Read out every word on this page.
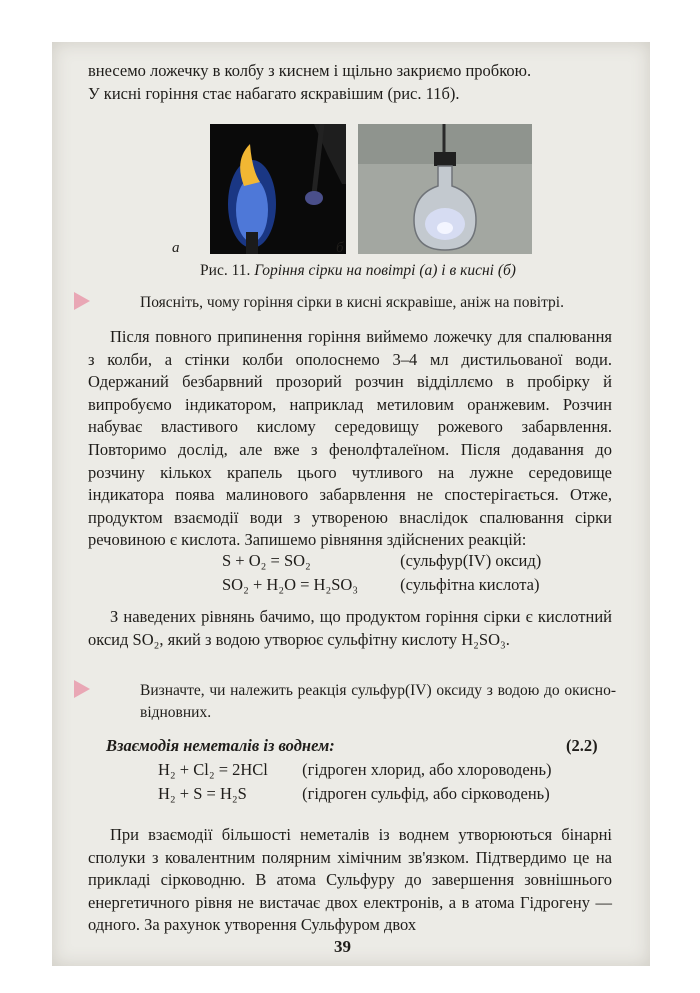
внесемо ложечку в колбу з киснем і щільно закриємо пробкою.

У кисні горіння стає набагато яскравішим (рис. 11б).

а	б
Рис. 11. Горіння сірки на повітрі (а) і в кисні (б)
Поясніть, чому горіння сірки в кисні яскравіше, аніж на повітрі.
Після повного припинення горіння виймемо ложечку для спалювання з колби, а стінки колби ополоснемо 3–4 мл дистильованої води. Одержаний безбарвний прозорий розчин відділлємо в пробірку й випробуємо індикатором, наприклад метиловим оранжевим. Розчин набуває властивого кислому середовищу рожевого забарвлення. Повторимо дослід, але вже з фенолфталеїном. Після додавання до розчину кількох крапель цього чутливого на лужне середовище індикатора поява малинового забарвлення не спостерігається. Отже, продуктом взаємодії води з утвореною внаслідок спалювання сірки речовиною є кислота. Запишемо рівняння здійснених реакцій:
S + O₂ = SO₂	(сульфур(IV) оксид)
SO₂ + H₂O = H₂SO₃	(сульфітна кислота)
З наведених рівнянь бачимо, що продуктом горіння сірки є кислотний оксид SO₂, який з водою утворює сульфітну кислоту H₂SO₃.
Визначте, чи належить реакція сульфур(IV) оксиду з водою до окисно-відновних.
Взаємодія неметалів із воднем:	(2.2)
H₂ + Cl₂ = 2HCl (гідроген хлорид, або хлороводень)
H₂ + S = H₂S	(гідроген сульфід, або сірководень)
При взаємодії більшості неметалів із воднем утворюються бінарні сполуки з ковалентним полярним хімічним зв'язком. Підтвердимо це на прикладі сірководню. В атома Сульфуру до завершення зовнішнього енергетичного рівня не вистачає двох електронів, а в атома Гідрогену — одного. За рахунок утворення Сульфуром двох
39
